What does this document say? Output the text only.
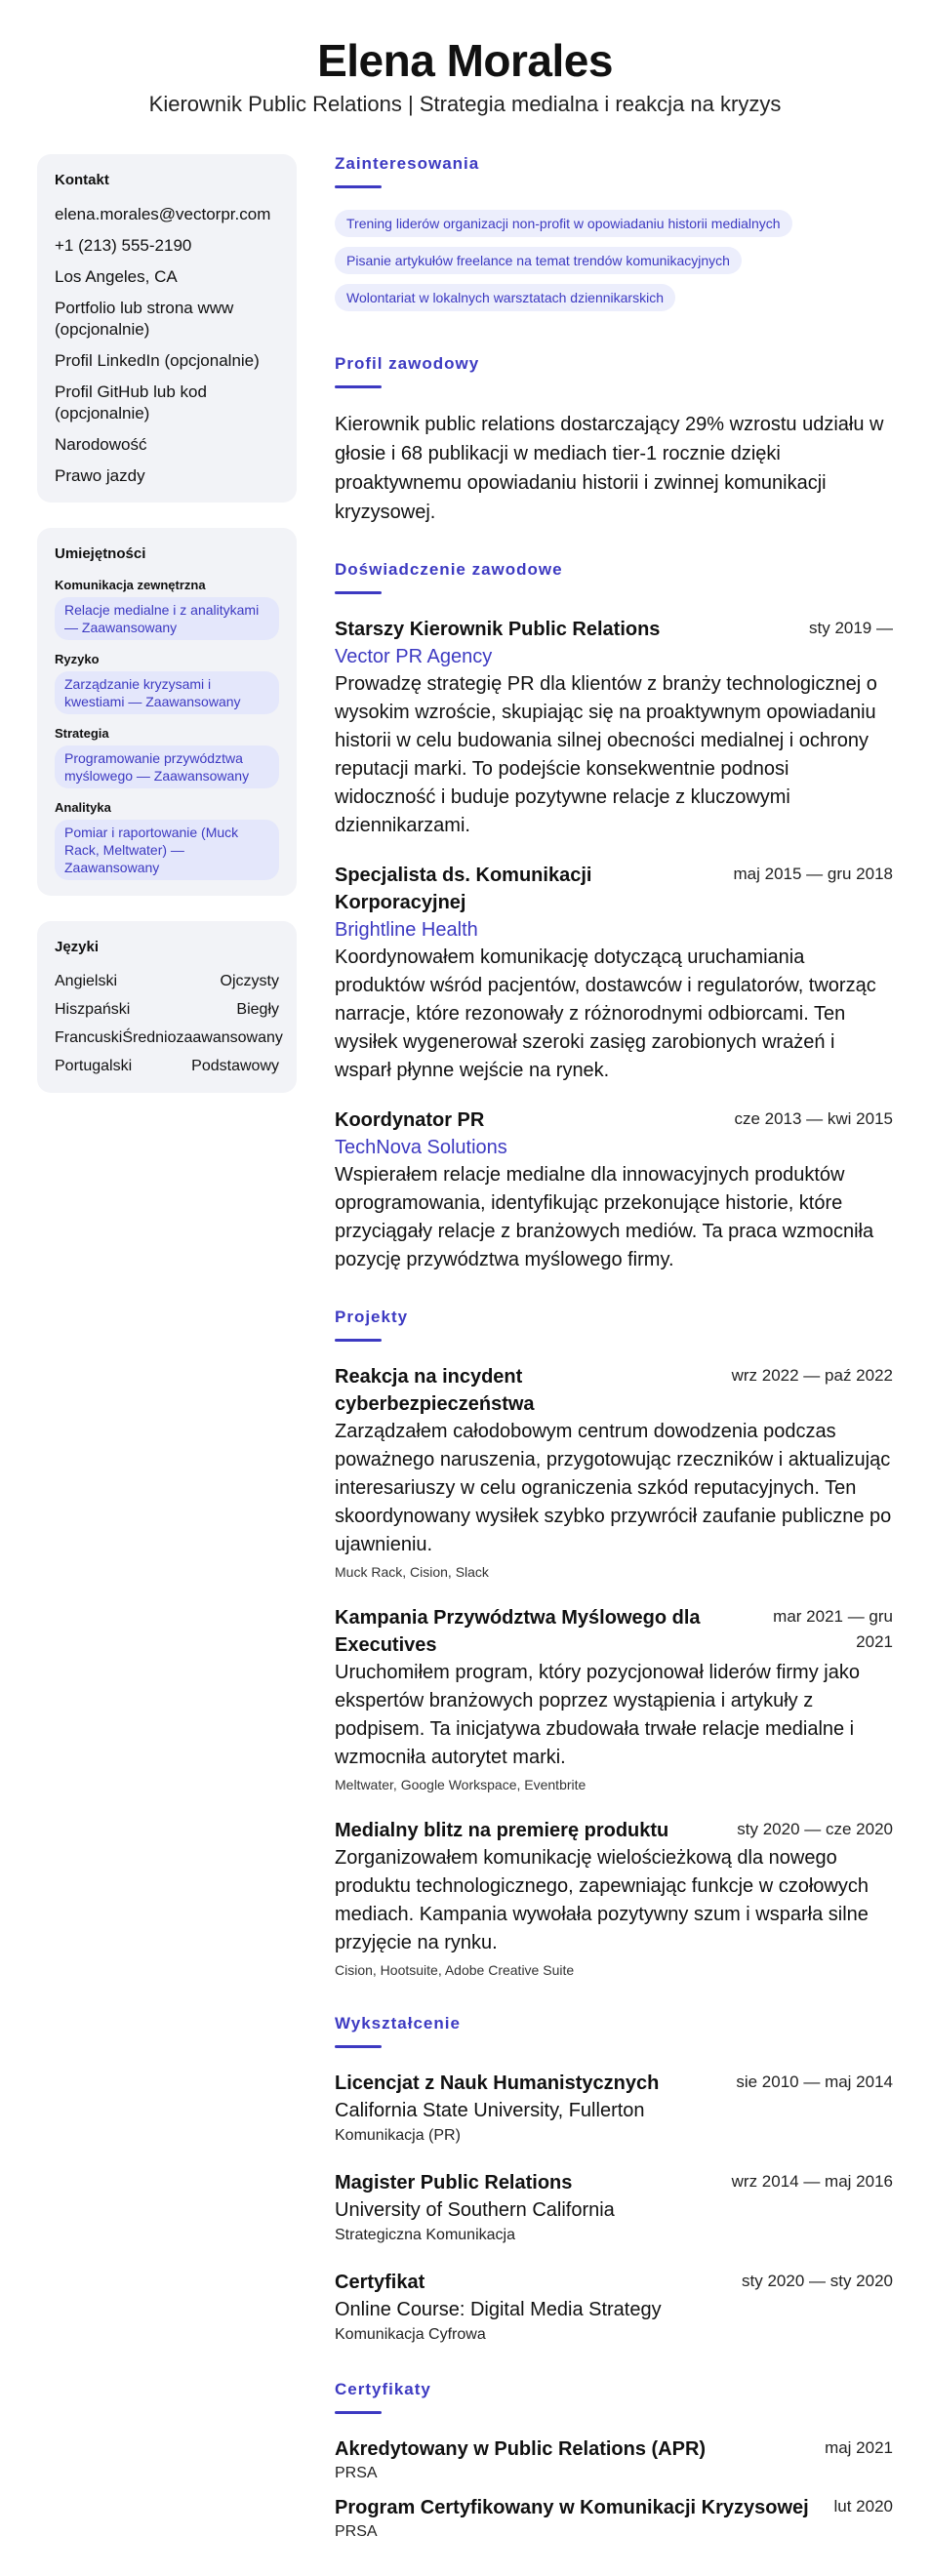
Elena Morales
Kierownik Public Relations | Strategia medialna i reakcja na kryzys
Kontakt
elena.morales@vectorpr.com
+1 (213) 555-2190
Los Angeles, CA
Portfolio lub strona www (opcjonalnie)
Profil LinkedIn (opcjonalnie)
Profil GitHub lub kod (opcjonalnie)
Narodowość
Prawo jazdy
Umiejętności
Komunikacja zewnętrzna
Relacje medialne i z analitykami — Zaawansowany
Ryzyko
Zarządzanie kryzysami i kwestiami — Zaawansowany
Strategia
Programowanie przywództwa myślowego — Zaawansowany
Analityka
Pomiar i raportowanie (Muck Rack, Meltwater) — Zaawansowany
Języki
Angielski	Ojczysty
Hiszpański	Biegły
Francuski Średniozaawansowany
Portugalski	Podstawowy
Zainteresowania
Trening liderów organizacji non-profit w opowiadaniu historii medialnych
Pisanie artykułów freelance na temat trendów komunikacyjnych
Wolontariat w lokalnych warsztatach dziennikarskich
Profil zawodowy
Kierownik public relations dostarczający 29% wzrostu udziału w głosie i 68 publikacji w mediach tier-1 rocznie dzięki proaktywnemu opowiadaniu historii i zwinnej komunikacji kryzysowej.
Doświadczenie zawodowe
Starszy Kierownik Public Relations	sty 2019 —
Vector PR Agency
Prowadzę strategię PR dla klientów z branży technologicznej o wysokim wzroście, skupiając się na proaktywnym opowiadaniu historii w celu budowania silnej obecności medialnej i ochrony reputacji marki. To podejście konsekwentnie podnosi widoczność i buduje pozytywne relacje z kluczowymi dziennikarzami.
Specjalista ds. Komunikacji Korporacyjnej
maj 2015 — gru 2018
Brightline Health
Koordynowałem komunikację dotyczącą uruchamiania produktów wśród pacjentów, dostawców i regulatorów, tworząc narracje, które rezonowały z różnorodnymi odbiorcami. Ten wysiłek wygenerował szeroki zasięg zarobionych wrażeń i wsparł płynne wejście na rynek.
Koordynator PR	cze 2013 — kwi 2015
TechNova Solutions
Wspierałem relacje medialne dla innowacyjnych produktów oprogramowania, identyfikując przekonujące historie, które przyciągały relacje z branżowych mediów. Ta praca wzmocniła pozycję przywództwa myślowego firmy.
Projekty
Reakcja na incydent cyberbezpieczeństwa
wrz 2022 — paź 2022
Zarządzałem całodobowym centrum dowodzenia podczas poważnego naruszenia, przygotowując rzeczników i aktualizując interesariuszy w celu ograniczenia szkód reputacyjnych. Ten skoordynowany wysiłek szybko przywrócił zaufanie publiczne po ujawnieniu.
Muck Rack, Cision, Slack
Kampania Przywództwa Myślowego dla Executives
mar 2021 — gru 2021
Uruchomiłem program, który pozycjonował liderów firmy jako ekspertów branżowych poprzez wystąpienia i artykuły z podpisem. Ta inicjatywa zbudowała trwałe relacje medialne i wzmocniła autorytet marki.
Meltwater, Google Workspace, Eventbrite
Medialny blitz na premierę produktu	sty 2020 — cze 2020
Zorganizowałem komunikację wielościeżkową dla nowego produktu technologicznego, zapewniając funkcje w czołowych mediach. Kampania wywołała pozytywny szum i wsparła silne przyjęcie na rynku.
Cision, Hootsuite, Adobe Creative Suite
Wykształcenie
Licencjat z Nauk Humanistycznych	sie 2010 — maj 2014
California State University, Fullerton
Komunikacja (PR)
Magister Public Relations	wrz 2014 — maj 2016
University of Southern California
Strategiczna Komunikacja
Certyfikat	sty 2020 — sty 2020
Online Course: Digital Media Strategy
Komunikacja Cyfrowa
Certyfikaty
Akredytowany w Public Relations (APR)	maj 2021
PRSA
Program Certyfikowany w Komunikacji Kryzysowej	lut 2020
PRSA
